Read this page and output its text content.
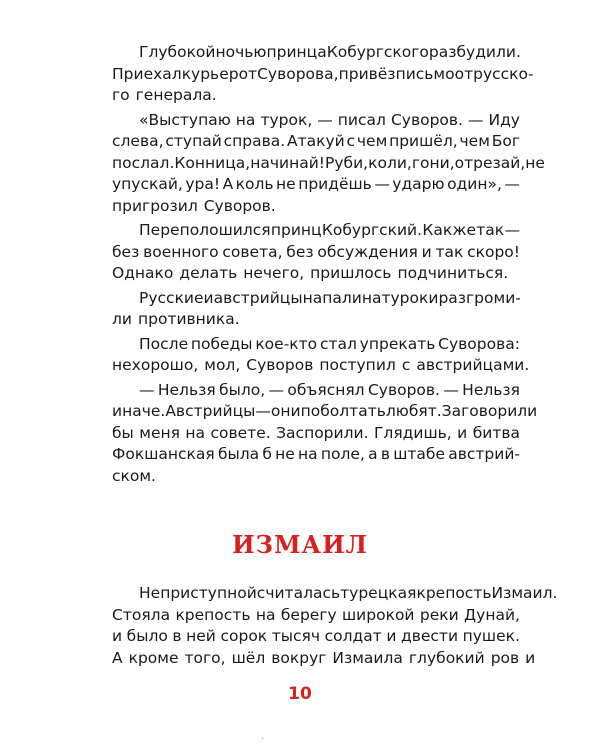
Глубокой ночью принца Кобургского разбудили.
Приехал курьер от Суворова, привёз письмо от русско-
го генерала.
«Выступаю на турок, — писал Суворов. — Иду
слева, ступай справа. Атакуй с чем пришёл, чем Бог
послал. Конница, начинай! Руби, коли, гони, отрезай, не
упускай, ура! А коль не придёшь — ударю один», —
пригрозил Суворов.
Переполошился принц Кобургский. Как же так —
без военного совета, без обсуждения и так скоро!
Однако делать нечего, пришлось подчиниться.
Русские и австрийцы напали на турок и разгроми-
ли противника.
После победы кое-кто стал упрекать Суворова:
нехорошо, мол, Суворов поступил с австрийцами.
— Нельзя было, — объяснял Суворов. — Нельзя
иначе. Австрийцы — они поболтать любят. Заговорили
бы меня на совете. Заспорили. Глядишь, и битва
Фокшанская была б не на поле, а в штабе австрий-
ском.
ИЗМАИЛ
Неприступной считалась турецкая крепость Измаил.
Стояла крепость на берегу широкой реки Дунай,
и было в ней сорок тысяч солдат и двести пушек.
А кроме того, шёл вокруг Измаила глубокий ров и
10
